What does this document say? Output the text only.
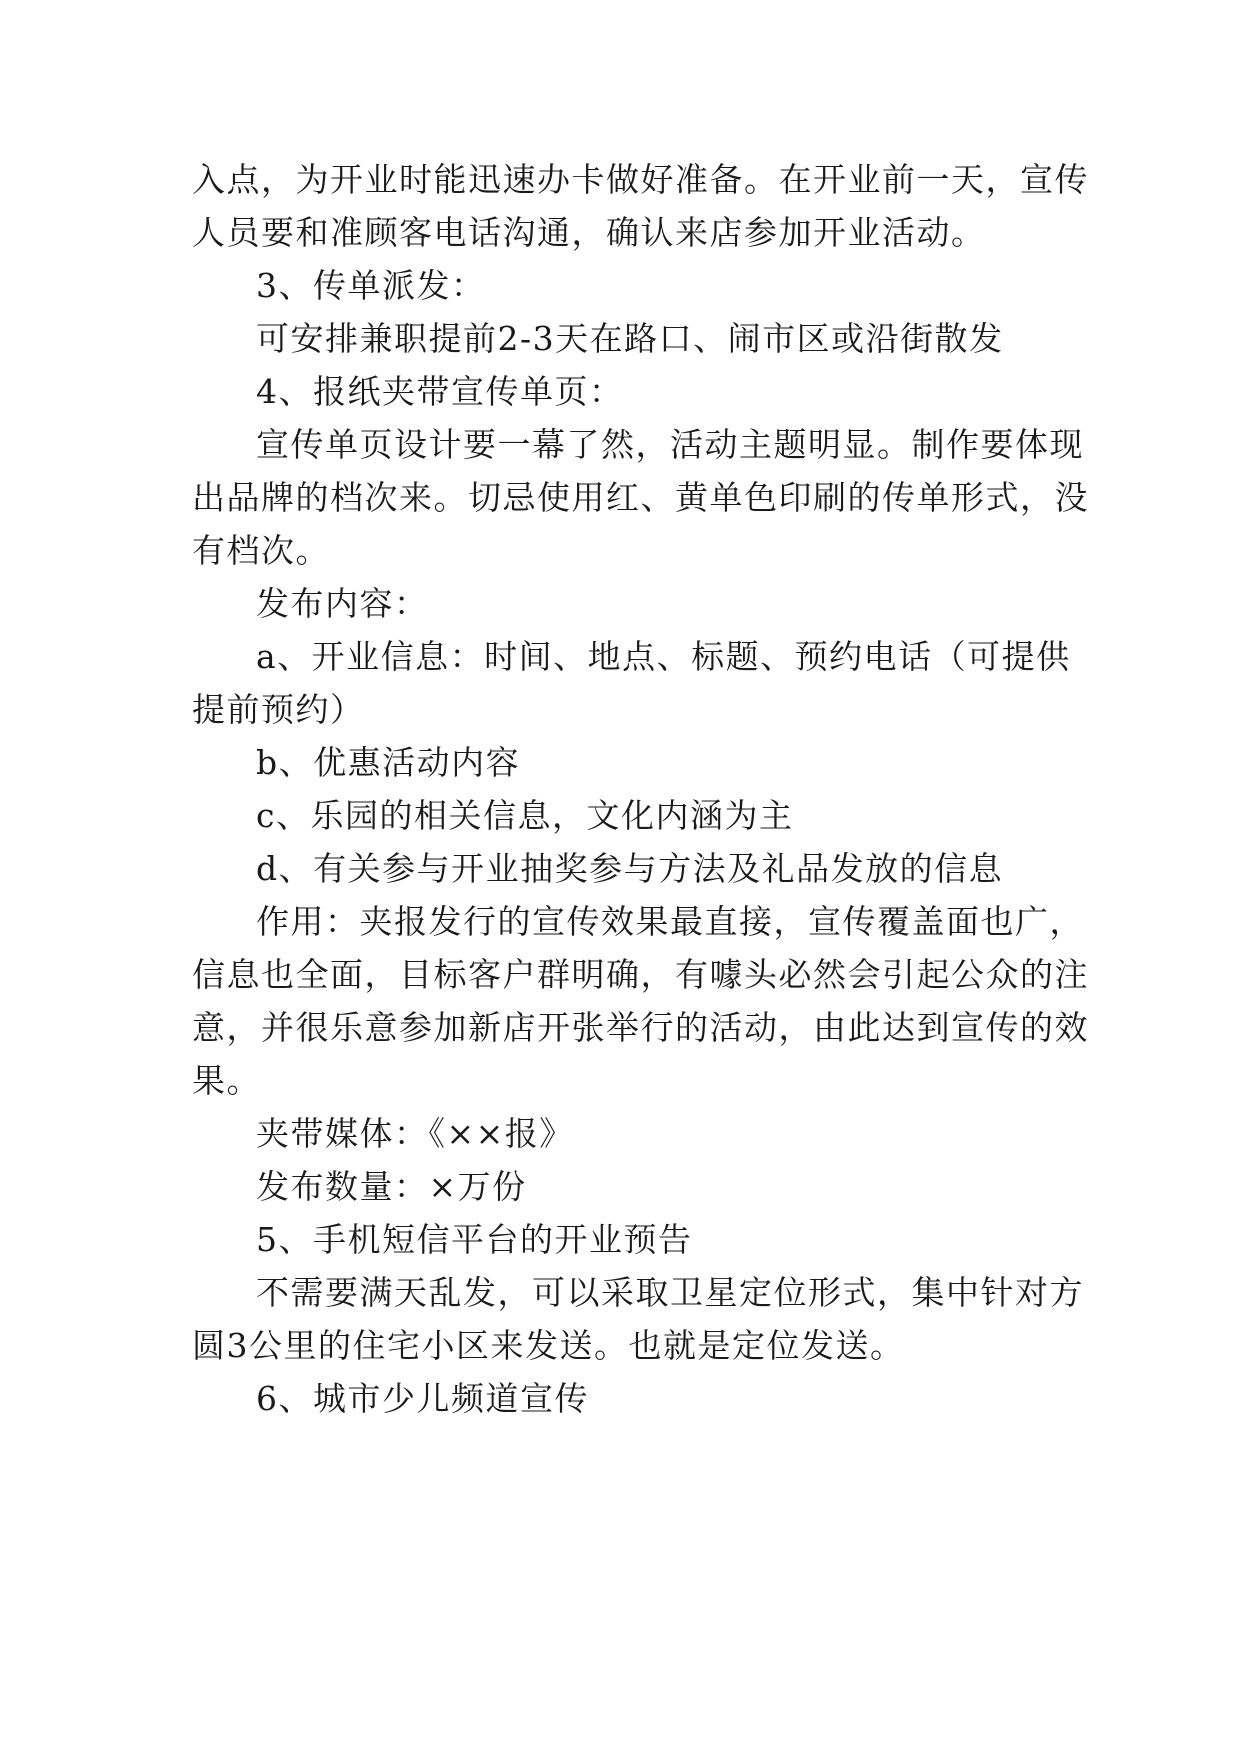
入点，为开业时能迅速办卡做好准备。在开业前一天，宣传
人员要和准顾客电话沟通，确认来店参加开业活动。
3、传单派发：
可安排兼职提前2-3天在路口、闹市区或沿街散发
4、报纸夹带宣传单页：
宣传单页设计要一幕了然，活动主题明显。制作要体现
出品牌的档次来。切忌使用红、黄单色印刷的传单形式，没
有档次。
发布内容：
a、开业信息：时间、地点、标题、预约电话（可提供
提前预约）
b、优惠活动内容
c、乐园的相关信息，文化内涵为主
d、有关参与开业抽奖参与方法及礼品发放的信息
作用：夹报发行的宣传效果最直接，宣传覆盖面也广，
信息也全面，目标客户群明确，有噱头必然会引起公众的注
意，并很乐意参加新店开张举行的活动，由此达到宣传的效
果。
夹带媒体：《××报》
发布数量：×万份
5、手机短信平台的开业预告
不需要满天乱发，可以采取卫星定位形式，集中针对方
圆3公里的住宅小区来发送。也就是定位发送。
6、城市少儿频道宣传
